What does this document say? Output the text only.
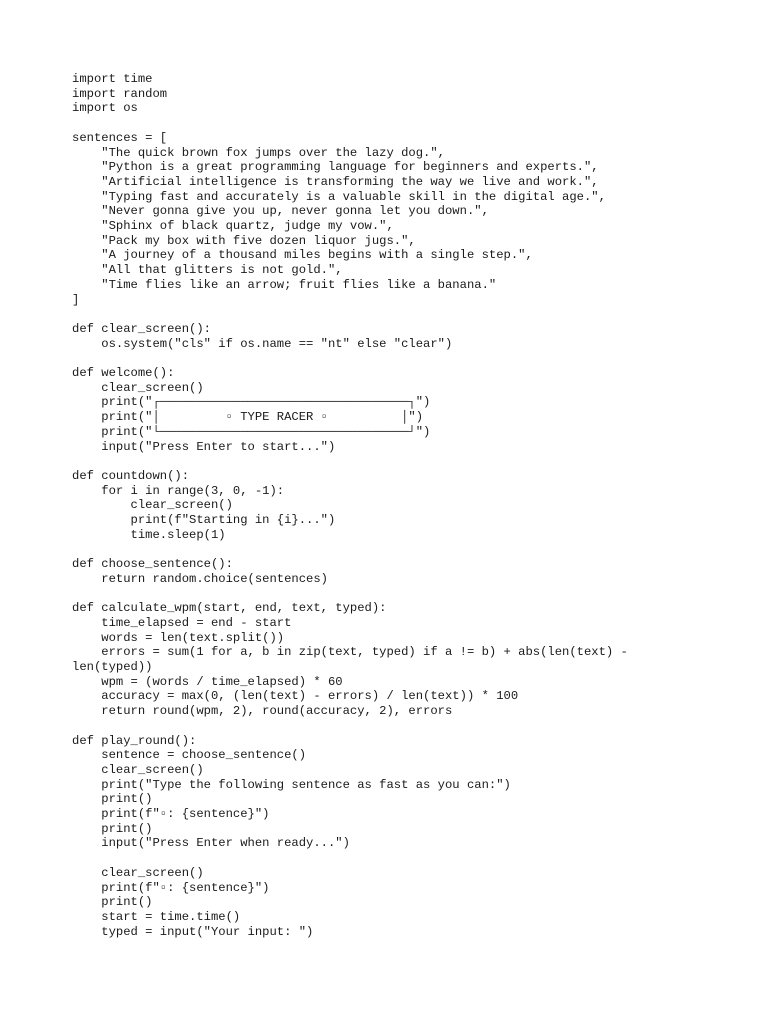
import time
import random
import os
sentences = [
"The quick brown fox jumps over the lazy dog.",
"Python is a great programming language for beginners and experts.",
"Artificial intelligence is transforming the way we live and work.",
"Typing fast and accurately is a valuable skill in the digital age.",
"Never gonna give you up, never gonna let you down.",
"Sphinx of black quartz, judge my vow.",
"Pack my box with five dozen liquor jugs.",
"A journey of a thousand miles begins with a single step.",
"All that glitters is not gold.",
"Time flies like an arrow; fruit flies like a banana."
]
def clear_screen():
os.system("cls" if os.name == "nt" else "clear")
def welcome():
clear_screen()
print("┌──────────────────────────────────┐")
print("│         ▫ TYPE RACER ▫          │")
print("└──────────────────────────────────┘")
input("Press Enter to start...")
def countdown():
for i in range(3, 0, -1):
clear_screen()
print(f"Starting in {i}...")
time.sleep(1)
def choose_sentence():
return random.choice(sentences)
def calculate_wpm(start, end, text, typed):
time_elapsed = end - start
words = len(text.split())
errors = sum(1 for a, b in zip(text, typed) if a != b) + abs(len(text) -
len(typed))
wpm = (words / time_elapsed) * 60
accuracy = max(0, (len(text) - errors) / len(text)) * 100
return round(wpm, 2), round(accuracy, 2), errors
def play_round():
sentence = choose_sentence()
clear_screen()
print("Type the following sentence as fast as you can:")
print()
print(f"▫: {sentence}")
print()
input("Press Enter when ready...")
clear_screen()
print(f"▫: {sentence}")
print()
start = time.time()
typed = input("Your input: ")
